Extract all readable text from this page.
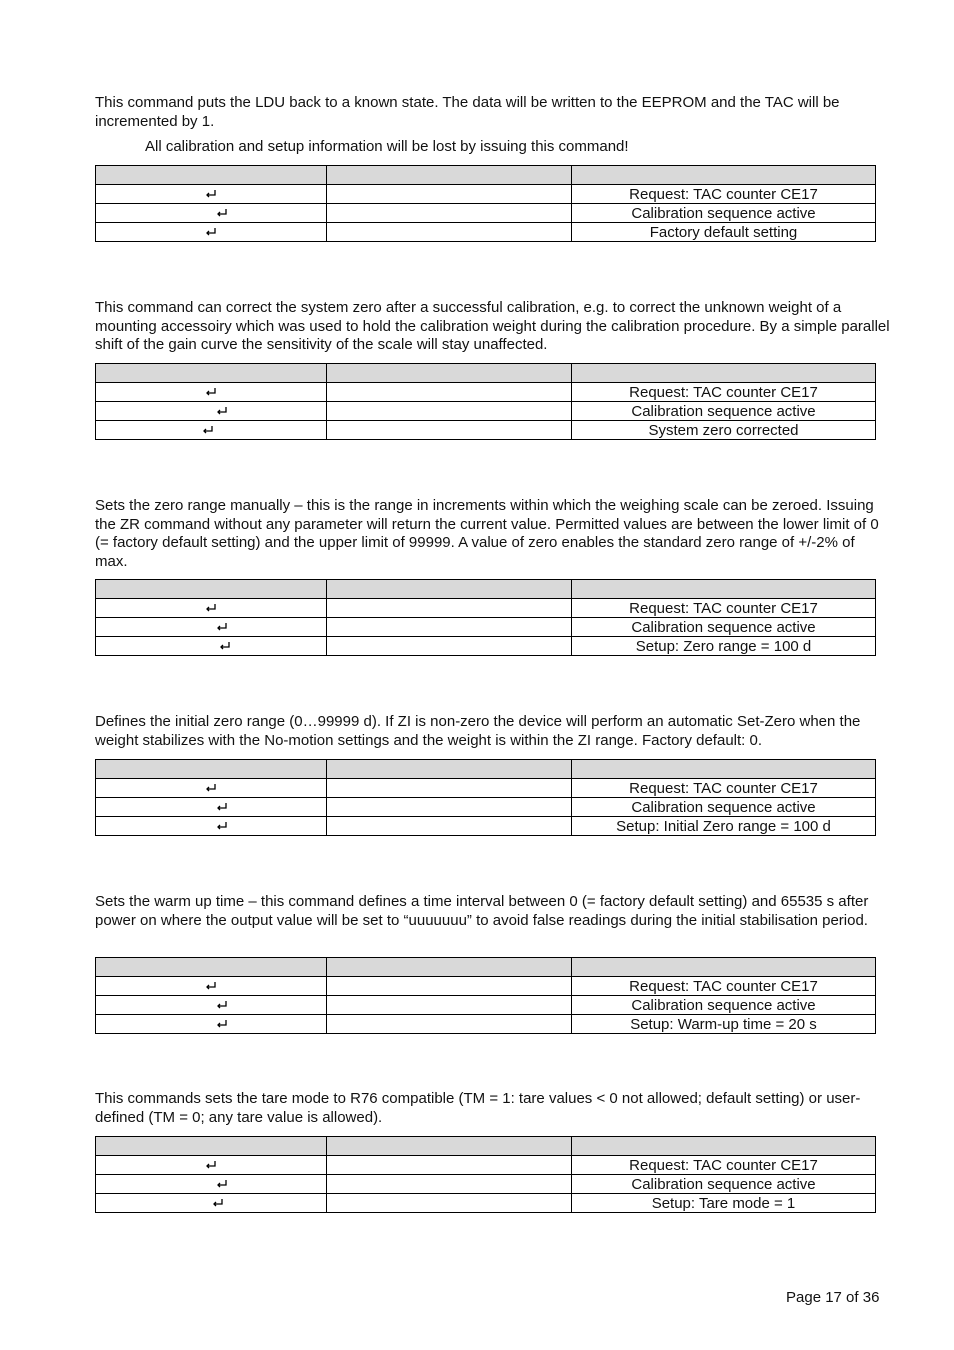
This command puts the LDU back to a known state. The data will be written to the EEPROM and the TAC will be incremented by 1.

All calibration and setup information will be lost by issuing this command!

		Request: TAC counter CE17

		Calibration sequence active

		Factory default setting

This command can correct the system zero after a successful calibration, e.g. to correct the unknown weight of a mounting accessoiry which was used to hold the calibration weight during the calibration procedure. By a simple parallel shift of the gain curve the sensitivity of the scale will stay unaffected.

		Request: TAC counter CE17

		Calibration sequence active

		System zero corrected

Sets the zero range manually – this is the range in increments within which the weighing scale can be zeroed. Issuing the ZR command without any parameter will return the current value. Permitted values are between the lower limit of 0 (= factory default setting) and the upper limit of 99999. A value of zero enables the standard zero range of +/-2% of max.

		Request: TAC counter CE17

		Calibration sequence active

		Setup: Zero range = 100 d

Defines the initial zero range (0…99999 d). If ZI is non-zero the device will perform an automatic Set-Zero when the weight stabilizes with the No-motion settings and the weight is within the ZI range. Factory default: 0.

		Request: TAC counter CE17

		Calibration sequence active

		Setup: Initial Zero range = 100 d

Sets the warm up time – this command defines a time interval between 0 (= factory default setting) and 65535 s after power on where the output value will be set to “uuuuuuu” to avoid false readings during the initial stabilisation period.

		Request: TAC counter CE17

		Calibration sequence active

		Setup: Warm-up time = 20 s

This commands sets the tare mode to R76 compatible (TM = 1: tare values < 0 not allowed; default setting) or user-defined (TM = 0; any tare value is allowed).

		Request: TAC counter CE17

		Calibration sequence active

		Setup: Tare mode = 1
Page 17 of 36
